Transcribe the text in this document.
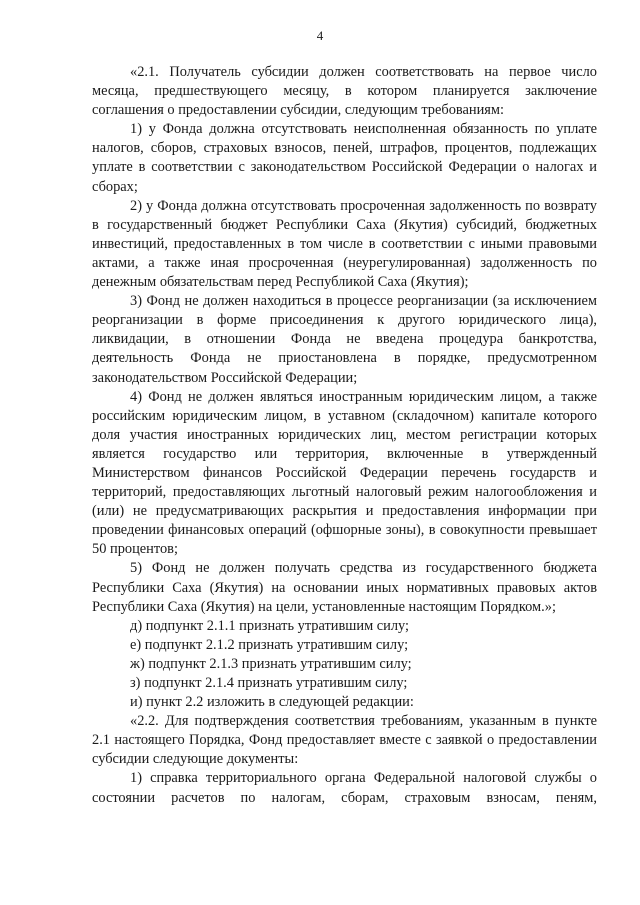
4

«2.1. Получатель субсидии должен соответствовать на первое число месяца, предшествующего месяцу, в котором планируется заключение соглашения о предоставлении субсидии, следующим требованиям:

1) у Фонда должна отсутствовать неисполненная обязанность по уплате налогов, сборов, страховых взносов, пеней, штрафов, процентов, подлежащих уплате в соответствии с законодательством Российской Федерации о налогах и сборах;

2) у Фонда должна отсутствовать просроченная задолженность по возврату в государственный бюджет Республики Саха (Якутия) субсидий, бюджетных инвестиций, предоставленных в том числе в соответствии с иными правовыми актами, а также иная просроченная (неурегулированная) задолженность по денежным обязательствам перед Республикой Саха (Якутия);

3) Фонд не должен находиться в процессе реорганизации (за исключением реорганизации в форме присоединения к другого юридического лица), ликвидации, в отношении Фонда не введена процедура банкротства, деятельность Фонда не приостановлена в порядке, предусмотренном законодательством Российской Федерации;

4) Фонд не должен являться иностранным юридическим лицом, а также российским юридическим лицом, в уставном (складочном) капитале которого доля участия иностранных юридических лиц, местом регистрации которых является государство или территория, включенные в утвержденный Министерством финансов Российской Федерации перечень государств и территорий, предоставляющих льготный налоговый режим налогообложения и (или) не предусматривающих раскрытия и предоставления информации при проведении финансовых операций (офшорные зоны), в совокупности превышает 50 процентов;

5) Фонд не должен получать средства из государственного бюджета Республики Саха (Якутия) на основании иных нормативных правовых актов Республики Саха (Якутия) на цели, установленные настоящим Порядком.»;

д) подпункт 2.1.1 признать утратившим силу;

е) подпункт 2.1.2 признать утратившим силу;

ж) подпункт 2.1.3 признать утратившим силу;

з) подпункт 2.1.4 признать утратившим силу;

и) пункт 2.2 изложить в следующей редакции:

«2.2. Для подтверждения соответствия требованиям, указанным в пункте 2.1 настоящего Порядка, Фонд предоставляет вместе с заявкой о предоставлении субсидии следующие документы:

1) справка территориального органа Федеральной налоговой службы о состоянии расчетов по налогам, сборам, страховым взносам, пеням,
